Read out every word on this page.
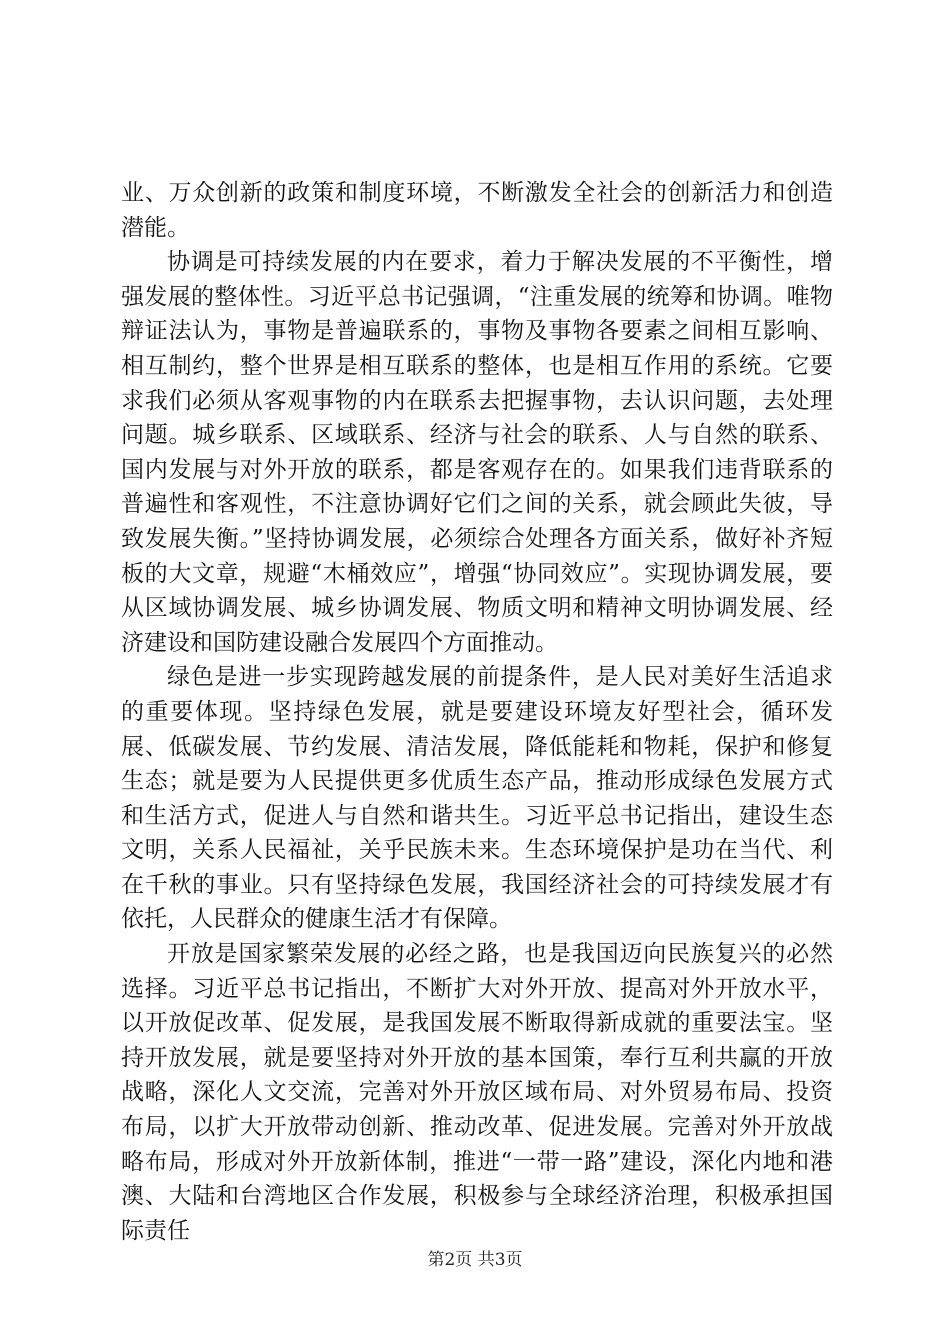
业、万众创新的政策和制度环境，不断激发全社会的创新活力和创造潜能。

协调是可持续发展的内在要求，着力于解决发展的不平衡性，增强发展的整体性。习近平总书记强调，“注重发展的统筹和协调。唯物辩证法认为，事物是普遍联系的，事物及事物各要素之间相互影响、相互制约，整个世界是相互联系的整体，也是相互作用的系统。它要求我们必须从客观事物的内在联系去把握事物，去认识问题，去处理问题。城乡联系、区域联系、经济与社会的联系、人与自然的联系、国内发展与对外开放的联系，都是客观存在的。如果我们违背联系的普遍性和客观性，不注意协调好它们之间的关系，就会顾此失彼，导致发展失衡。”坚持协调发展，必须综合处理各方面关系，做好补齐短板的大文章，规避“木桶效应”，增强“协同效应”。实现协调发展，要从区域协调发展、城乡协调发展、物质文明和精神文明协调发展、经济建设和国防建设融合发展四个方面推动。

绿色是进一步实现跨越发展的前提条件，是人民对美好生活追求的重要体现。坚持绿色发展，就是要建设环境友好型社会，循环发展、低碳发展、节约发展、清洁发展，降低能耗和物耗，保护和修复生态；就是要为人民提供更多优质生态产品，推动形成绿色发展方式和生活方式，促进人与自然和谐共生。习近平总书记指出，建设生态文明，关系人民福祉，关乎民族未来。生态环境保护是功在当代、利在千秋的事业。只有坚持绿色发展，我国经济社会的可持续发展才有依托，人民群众的健康生活才有保障。

开放是国家繁荣发展的必经之路，也是我国迈向民族复兴的必然选择。习近平总书记指出，不断扩大对外开放、提高对外开放水平，以开放促改革、促发展，是我国发展不断取得新成就的重要法宝。坚持开放发展，就是要坚持对外开放的基本国策，奉行互利共赢的开放战略，深化人文交流，完善对外开放区域布局、对外贸易布局、投资布局，以扩大开放带动创新、推动改革、促进发展。完善对外开放战略布局，形成对外开放新体制，推进“一带一路”建设，深化内地和港澳、大陆和台湾地区合作发展，积极参与全球经济治理，积极承担国际责任

第2页 共3页
